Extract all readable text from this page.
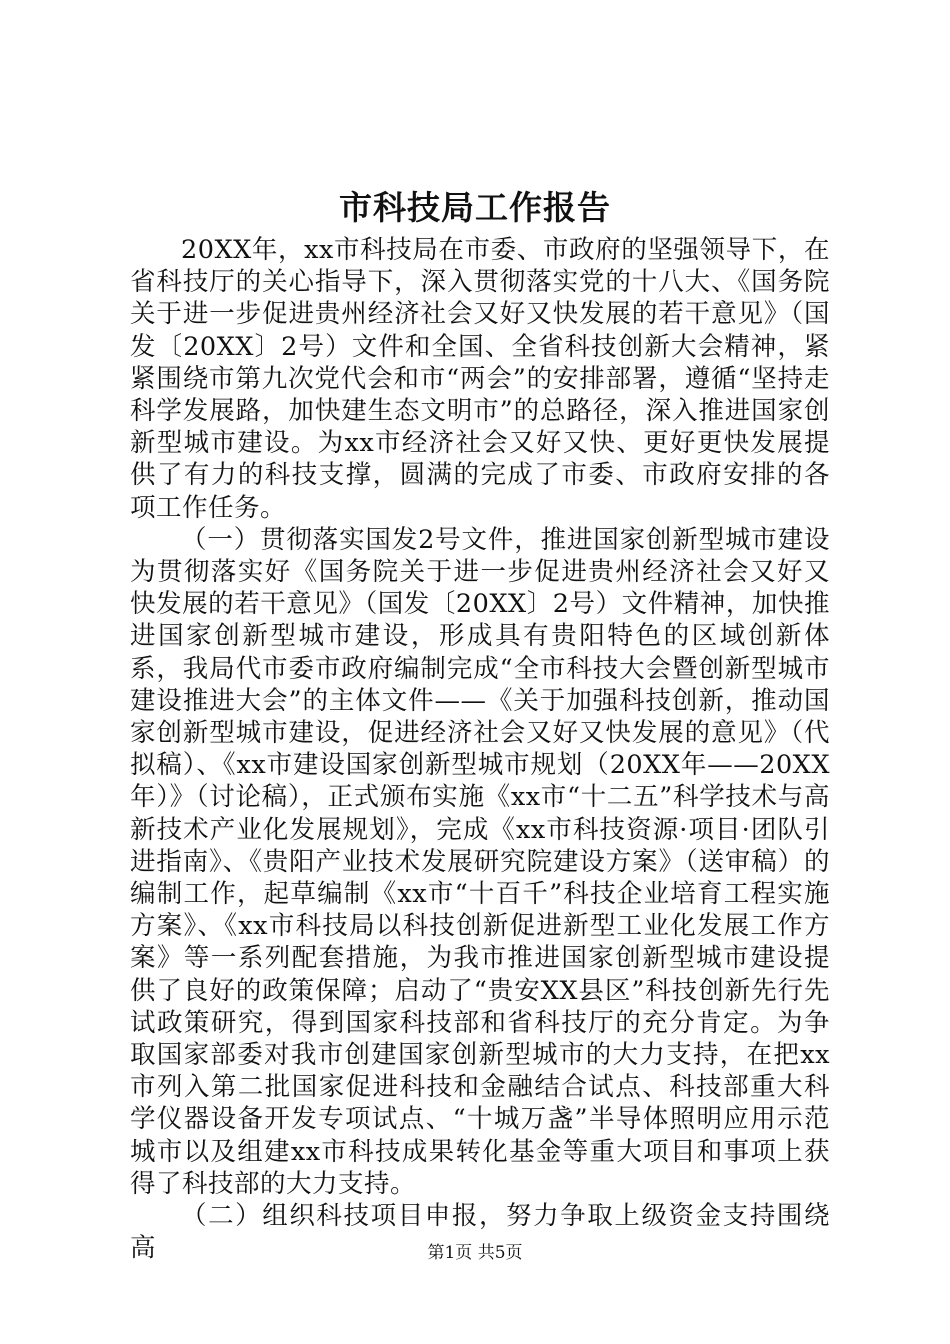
市科技局工作报告

20XX年，xx市科技局在市委、市政府的坚强领导下，在省科技厅的关心指导下，深入贯彻落实党的十八大、《国务院关于进一步促进贵州经济社会又好又快发展的若干意见》（国发〔20XX〕2号）文件和全国、全省科技创新大会精神，紧紧围绕市第九次党代会和市“两会”的安排部署，遵循“坚持走科学发展路，加快建生态文明市”的总路径，深入推进国家创新型城市建设。为xx市经济社会又好又快、更好更快发展提供了有力的科技支撑，圆满的完成了市委、市政府安排的各项工作任务。

（一）贯彻落实国发2号文件，推进国家创新型城市建设为贯彻落实好《国务院关于进一步促进贵州经济社会又好又快发展的若干意见》（国发〔20XX〕2号）文件精神，加快推进国家创新型城市建设，形成具有贵阳特色的区域创新体系，我局代市委市政府编制完成“全市科技大会暨创新型城市建设推进大会”的主体文件——《关于加强科技创新，推动国家创新型城市建设，促进经济社会又好又快发展的意见》（代拟稿）、《xx市建设国家创新型城市规划（20XX年——20XX年）》（讨论稿），正式颁布实施《xx市“十二五”科学技术与高新技术产业化发展规划》，完成《xx市科技资源·项目·团队引进指南》、《贵阳产业技术发展研究院建设方案》（送审稿）的编制工作，起草编制《xx市“十百千”科技企业培育工程实施方案》、《xx市科技局以科技创新促进新型工业化发展工作方案》等一系列配套措施，为我市推进国家创新型城市建设提供了良好的政策保障；启动了“贵安XX县区”科技创新先行先试政策研究，得到国家科技部和省科技厅的充分肯定。为争取国家部委对我市创建国家创新型城市的大力支持，在把xx市列入第二批国家促进科技和金融结合试点、科技部重大科学仪器设备开发专项试点、“十城万盏”半导体照明应用示范城市以及组建xx市科技成果转化基金等重大项目和事项上获得了科技部的大力支持。

（二）组织科技项目申报，努力争取上级资金支持围绕高	第1页 共5页
